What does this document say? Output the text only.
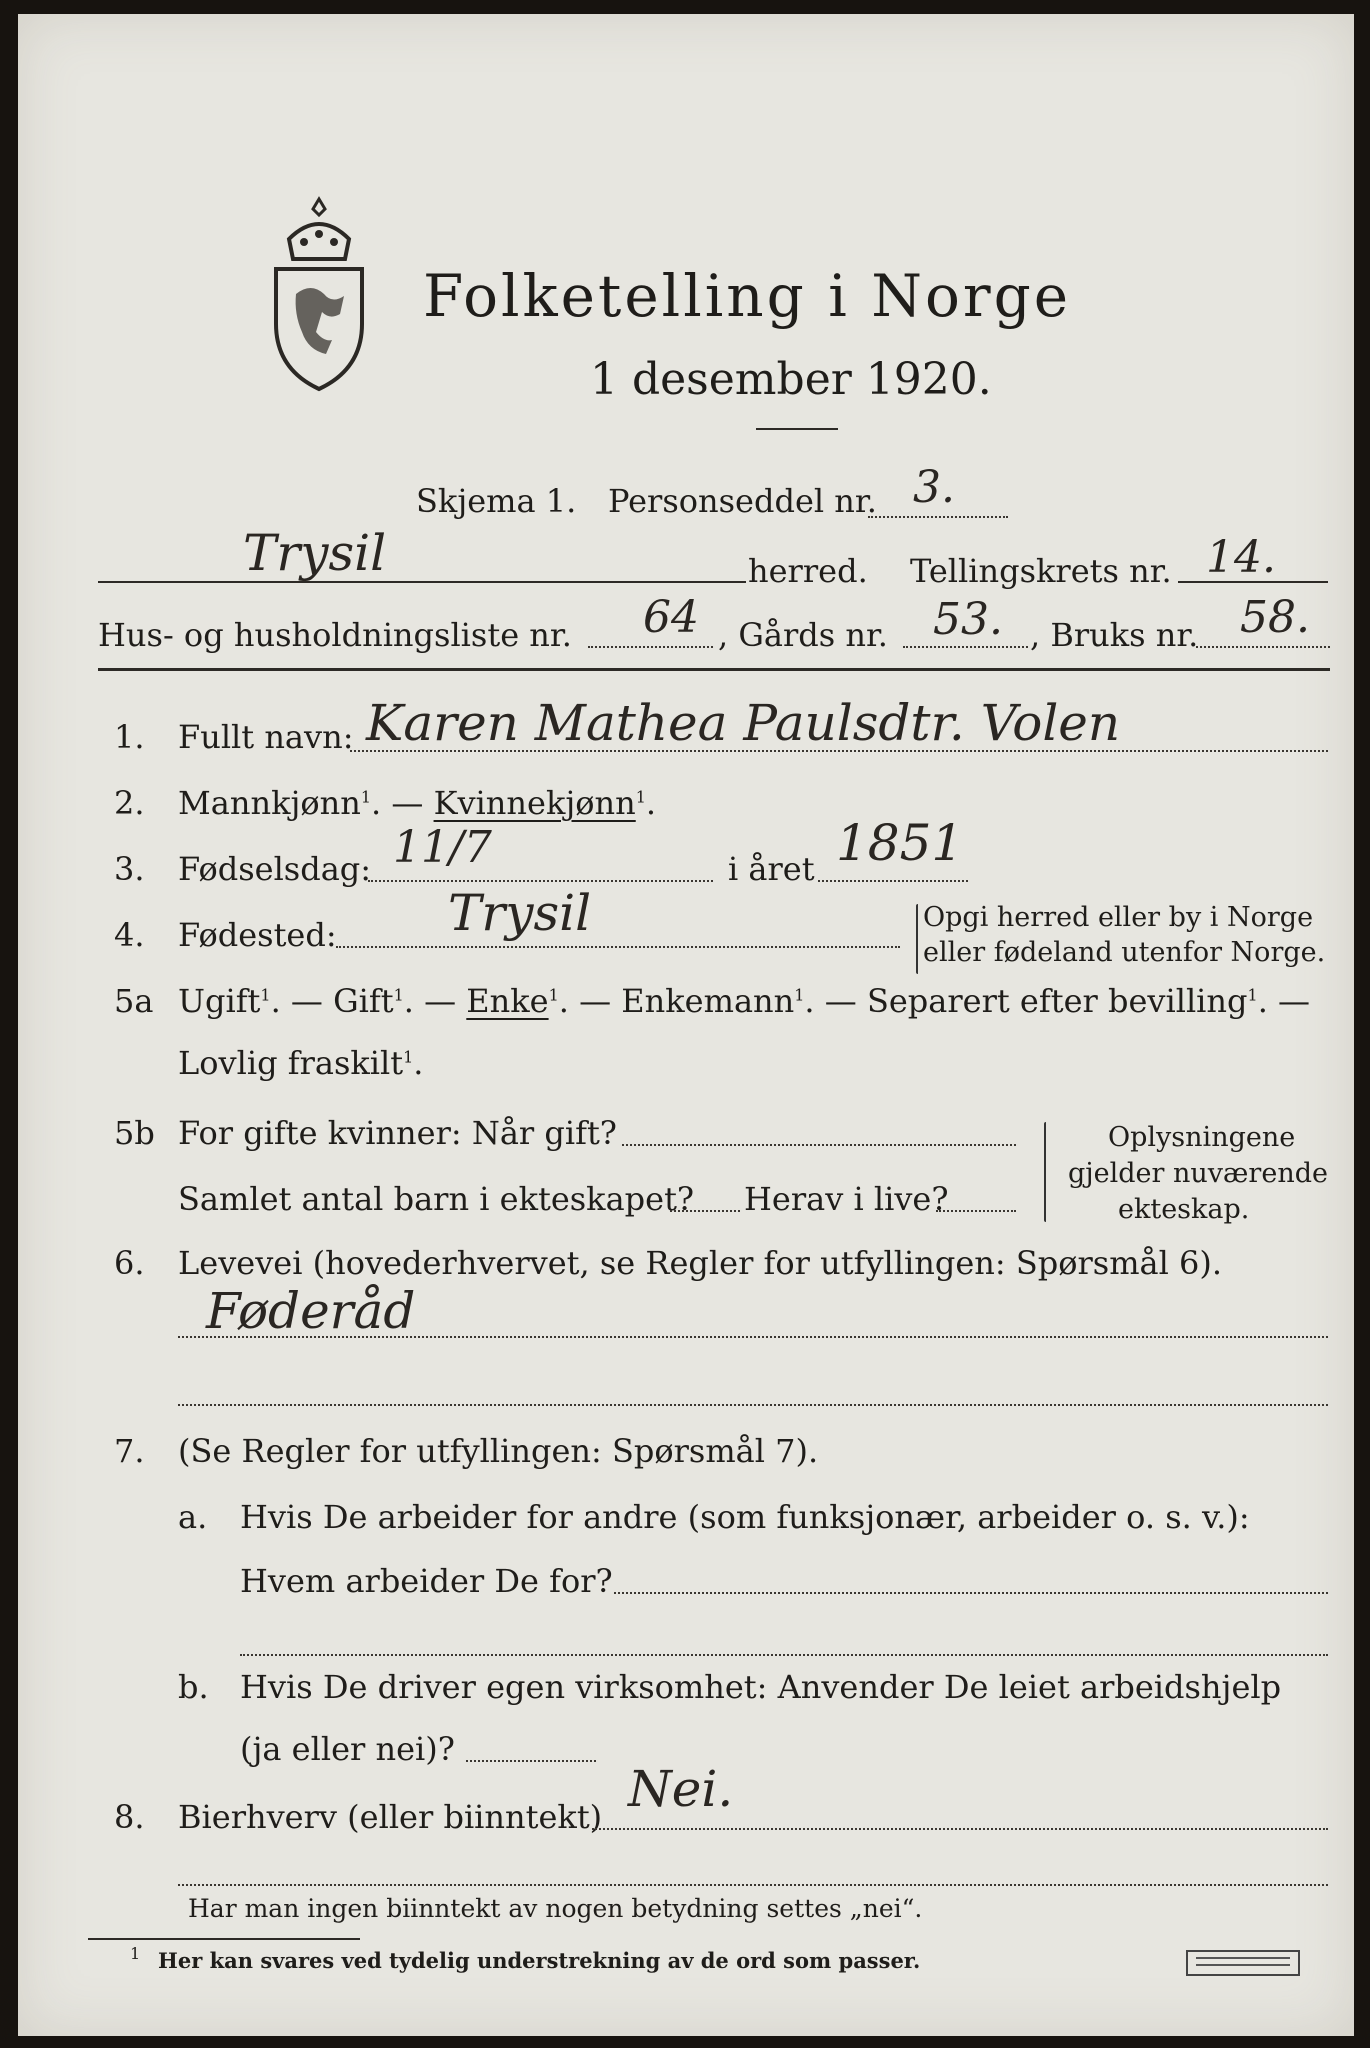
Folketelling i Norge
1 desember 1920.
Skjema 1. Personseddel nr. 3.
Trysil	herred. Tellingskrets nr. 14.
Hus- og husholdningsliste nr. 64 , Gårds nr. 53. , Bruks nr. 58.
1. Fullt navn: Karen Mathea Paulsdtr. Volen
2. Mannkjønn$^1$. — Kvinnekjønn$^1$.
3. Fødselsdag: 11/7	i året 1851
4. Fødested: Trysil	Opgi herred eller by i Norge
eller fødeland utenfor Norge.
5a Ugift$^1$. — Gift$^1$. — Enke$^1$. — Enkemann$^1$. — Separert efter bevilling$^1$. —
Lovlig fraskilt$^1$.
5b For gifte kvinner: Når gift?
Samlet antal barn i ekteskapet? Herav i live?
Oplysningene
gjelder nuværende
ekteskap.
6. Levevei (hovederhvervet, se Regler for utfyllingen: Spørsmål 6).
Føderåd
7. (Se Regler for utfyllingen: Spørsmål 7).
a. Hvis De arbeider for andre (som funksjonær, arbeider o. s. v.):
Hvem arbeider De for?
b. Hvis De driver egen virksomhet: Anvender De leiet arbeidshjelp
(ja eller nei)?
8. Bierhverv (eller biinntekt) Nei.
Har man ingen biinntekt av nogen betydning settes „nei“.
1 Her kan svares ved tydelig understrekning av de ord som passer.
